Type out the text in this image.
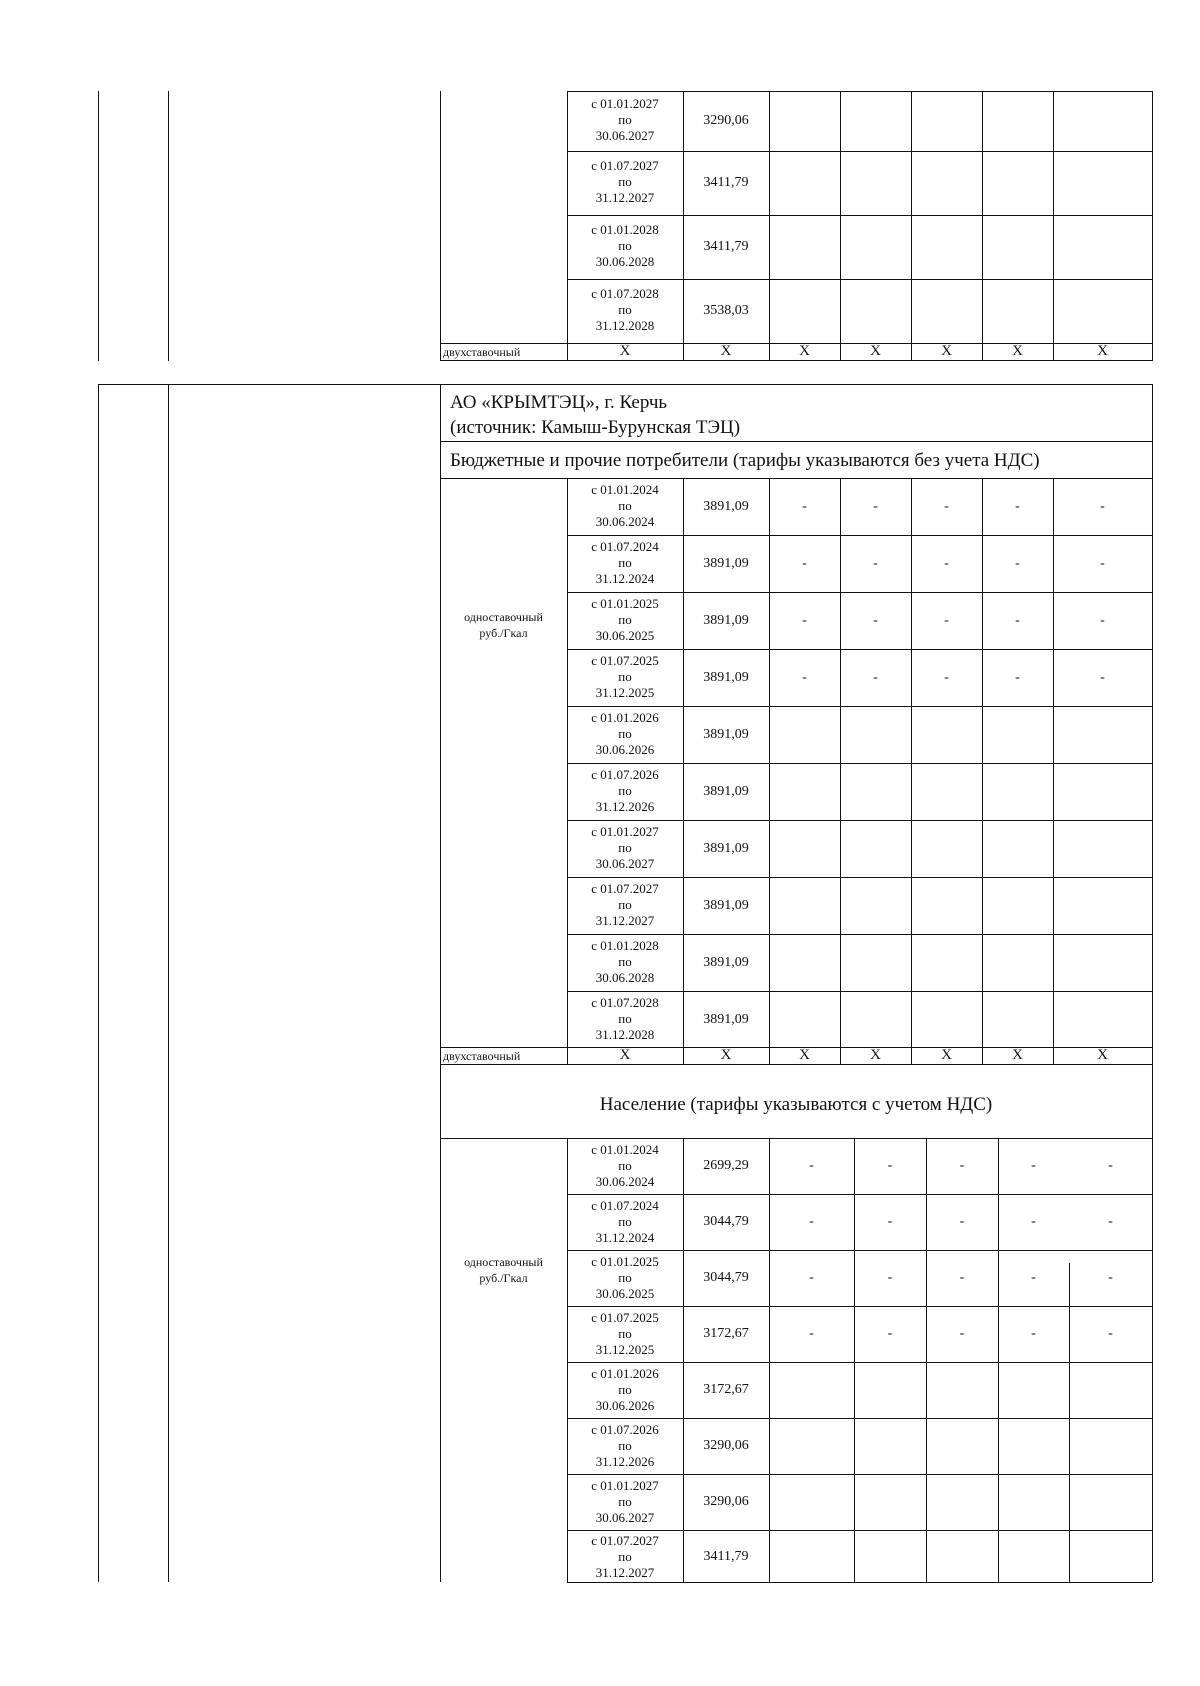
с 01.01.2027
по
30.06.2027
3290,06
с 01.07.2027
по
31.12.2027
3411,79
с 01.01.2028
по
30.06.2028
3411,79
с 01.07.2028
по
31.12.2028
3538,03
двухставочный	X	X	X	X	X	X	X
АО «КРЫМТЭЦ», г. Керчь
(источник: Камыш-Бурунская ТЭЦ)
Бюджетные и прочие потребители (тарифы указываются без учета НДС)
одноставочный
руб./Гкал
с 01.01.2024
по
30.06.2024
3891,09	-	-	-	-	-
с 01.07.2024
по
31.12.2024
3891,09	-	-	-	-	-
с 01.01.2025
по
30.06.2025
3891,09	-	-	-	-	-
с 01.07.2025
по
31.12.2025
3891,09	-	-	-	-	-
с 01.01.2026
по
30.06.2026
3891,09
с 01.07.2026
по
31.12.2026
3891,09
с 01.01.2027
по
30.06.2027
3891,09
с 01.07.2027
по
31.12.2027
3891,09
с 01.01.2028
по
30.06.2028
3891,09
с 01.07.2028
по
31.12.2028
3891,09
двухставочный	X	X	X	X	X	X	X
Население (тарифы указываются с учетом НДС)
одноставочный
руб./Гкал
с 01.01.2024
по
30.06.2024
2699,29	-	-	-	-	-
с 01.07.2024
по
31.12.2024
3044,79	-	-	-	-	-
с 01.01.2025
по
30.06.2025
3044,79	-	-	-	-	-
с 01.07.2025
по
31.12.2025
3172,67	-	-	-	-	-
с 01.01.2026
по
30.06.2026
3172,67
с 01.07.2026
по
31.12.2026
3290,06
с 01.01.2027
по
30.06.2027
3290,06
с 01.07.2027
по
31.12.2027
3411,79
